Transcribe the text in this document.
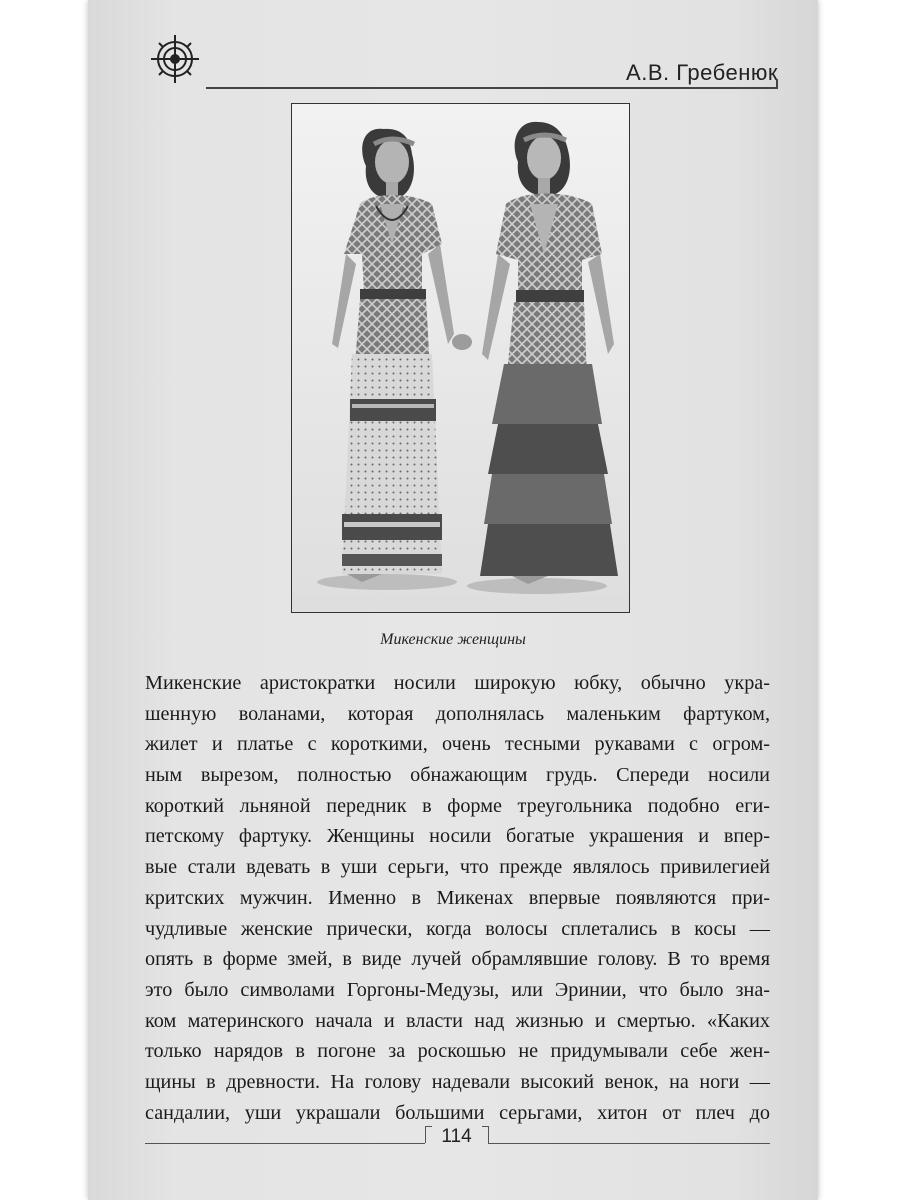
А.В. Гребенюк
Микенские женщины
Микенские аристократки носили широкую юбку, обычно укра-
шенную воланами, которая дополнялась маленьким фартуком,
жилет и платье с короткими, очень тесными рукавами с огром-
ным вырезом, полностью обнажающим грудь. Спереди носили
короткий льняной передник в форме треугольника подобно еги-
петскому фартуку. Женщины носили богатые украшения и впер-
вые стали вдевать в уши серьги, что прежде являлось привилегией
критских мужчин. Именно в Микенах впервые появляются при-
чудливые женские прически, когда волосы сплетались в косы —
опять в форме змей, в виде лучей обрамлявшие голову. В то время
это было символами Горгоны-Медузы, или Эринии, что было зна-
ком материнского начала и власти над жизнью и смертью. «Каких
только нарядов в погоне за роскошью не придумывали себе жен-
щины в древности. На голову надевали высокий венок, на ноги —
сандалии, уши украшали большими серьгами, хитон от плеч до
114
